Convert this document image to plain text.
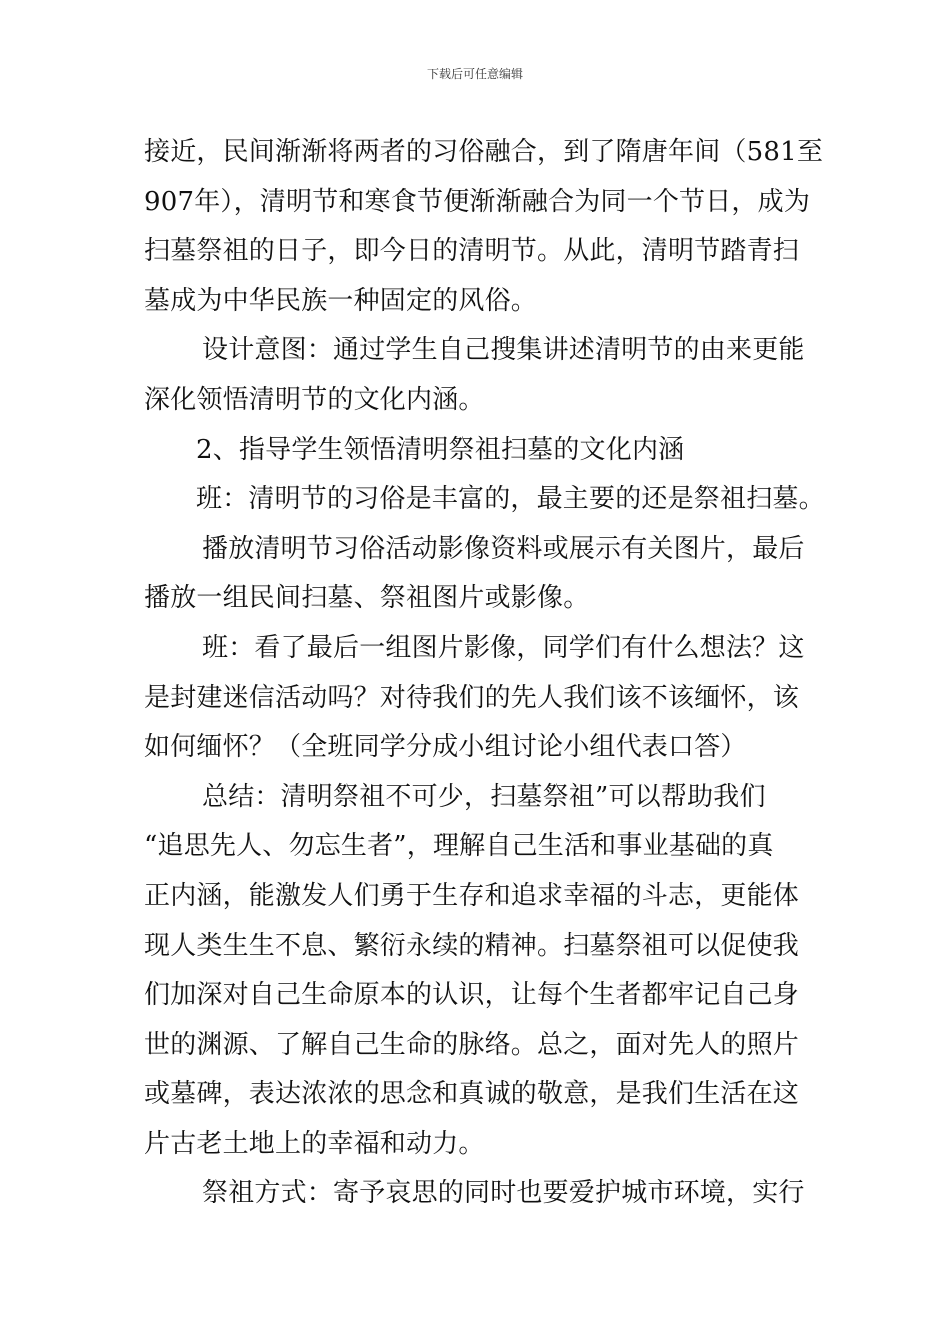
下载后可任意编辑
接近，民间渐渐将两者的习俗融合，到了隋唐年间（581至
907年），清明节和寒食节便渐渐融合为同一个节日，成为
扫墓祭祖的日子，即今日的清明节。从此，清明节踏青扫
墓成为中华民族一种固定的风俗。
设计意图：通过学生自己搜集讲述清明节的由来更能
深化领悟清明节的文化内涵。
2、指导学生领悟清明祭祖扫墓的文化内涵
班：清明节的习俗是丰富的，最主要的还是祭祖扫墓。
播放清明节习俗活动影像资料或展示有关图片，最后
播放一组民间扫墓、祭祖图片或影像。
班：看了最后一组图片影像，同学们有什么想法？这
是封建迷信活动吗？对待我们的先人我们该不该缅怀，该
如何缅怀？（全班同学分成小组讨论小组代表口答）
总结：清明祭祖不可少，扫墓祭祖”可以帮助我们
“追思先人、勿忘生者”，理解自己生活和事业基础的真
正内涵，能激发人们勇于生存和追求幸福的斗志，更能体
现人类生生不息、繁衍永续的精神。扫墓祭祖可以促使我
们加深对自己生命原本的认识，让每个生者都牢记自己身
世的渊源、了解自己生命的脉络。总之，面对先人的照片
或墓碑，表达浓浓的思念和真诚的敬意，是我们生活在这
片古老土地上的幸福和动力。
祭祖方式：寄予哀思的同时也要爱护城市环境，实行
